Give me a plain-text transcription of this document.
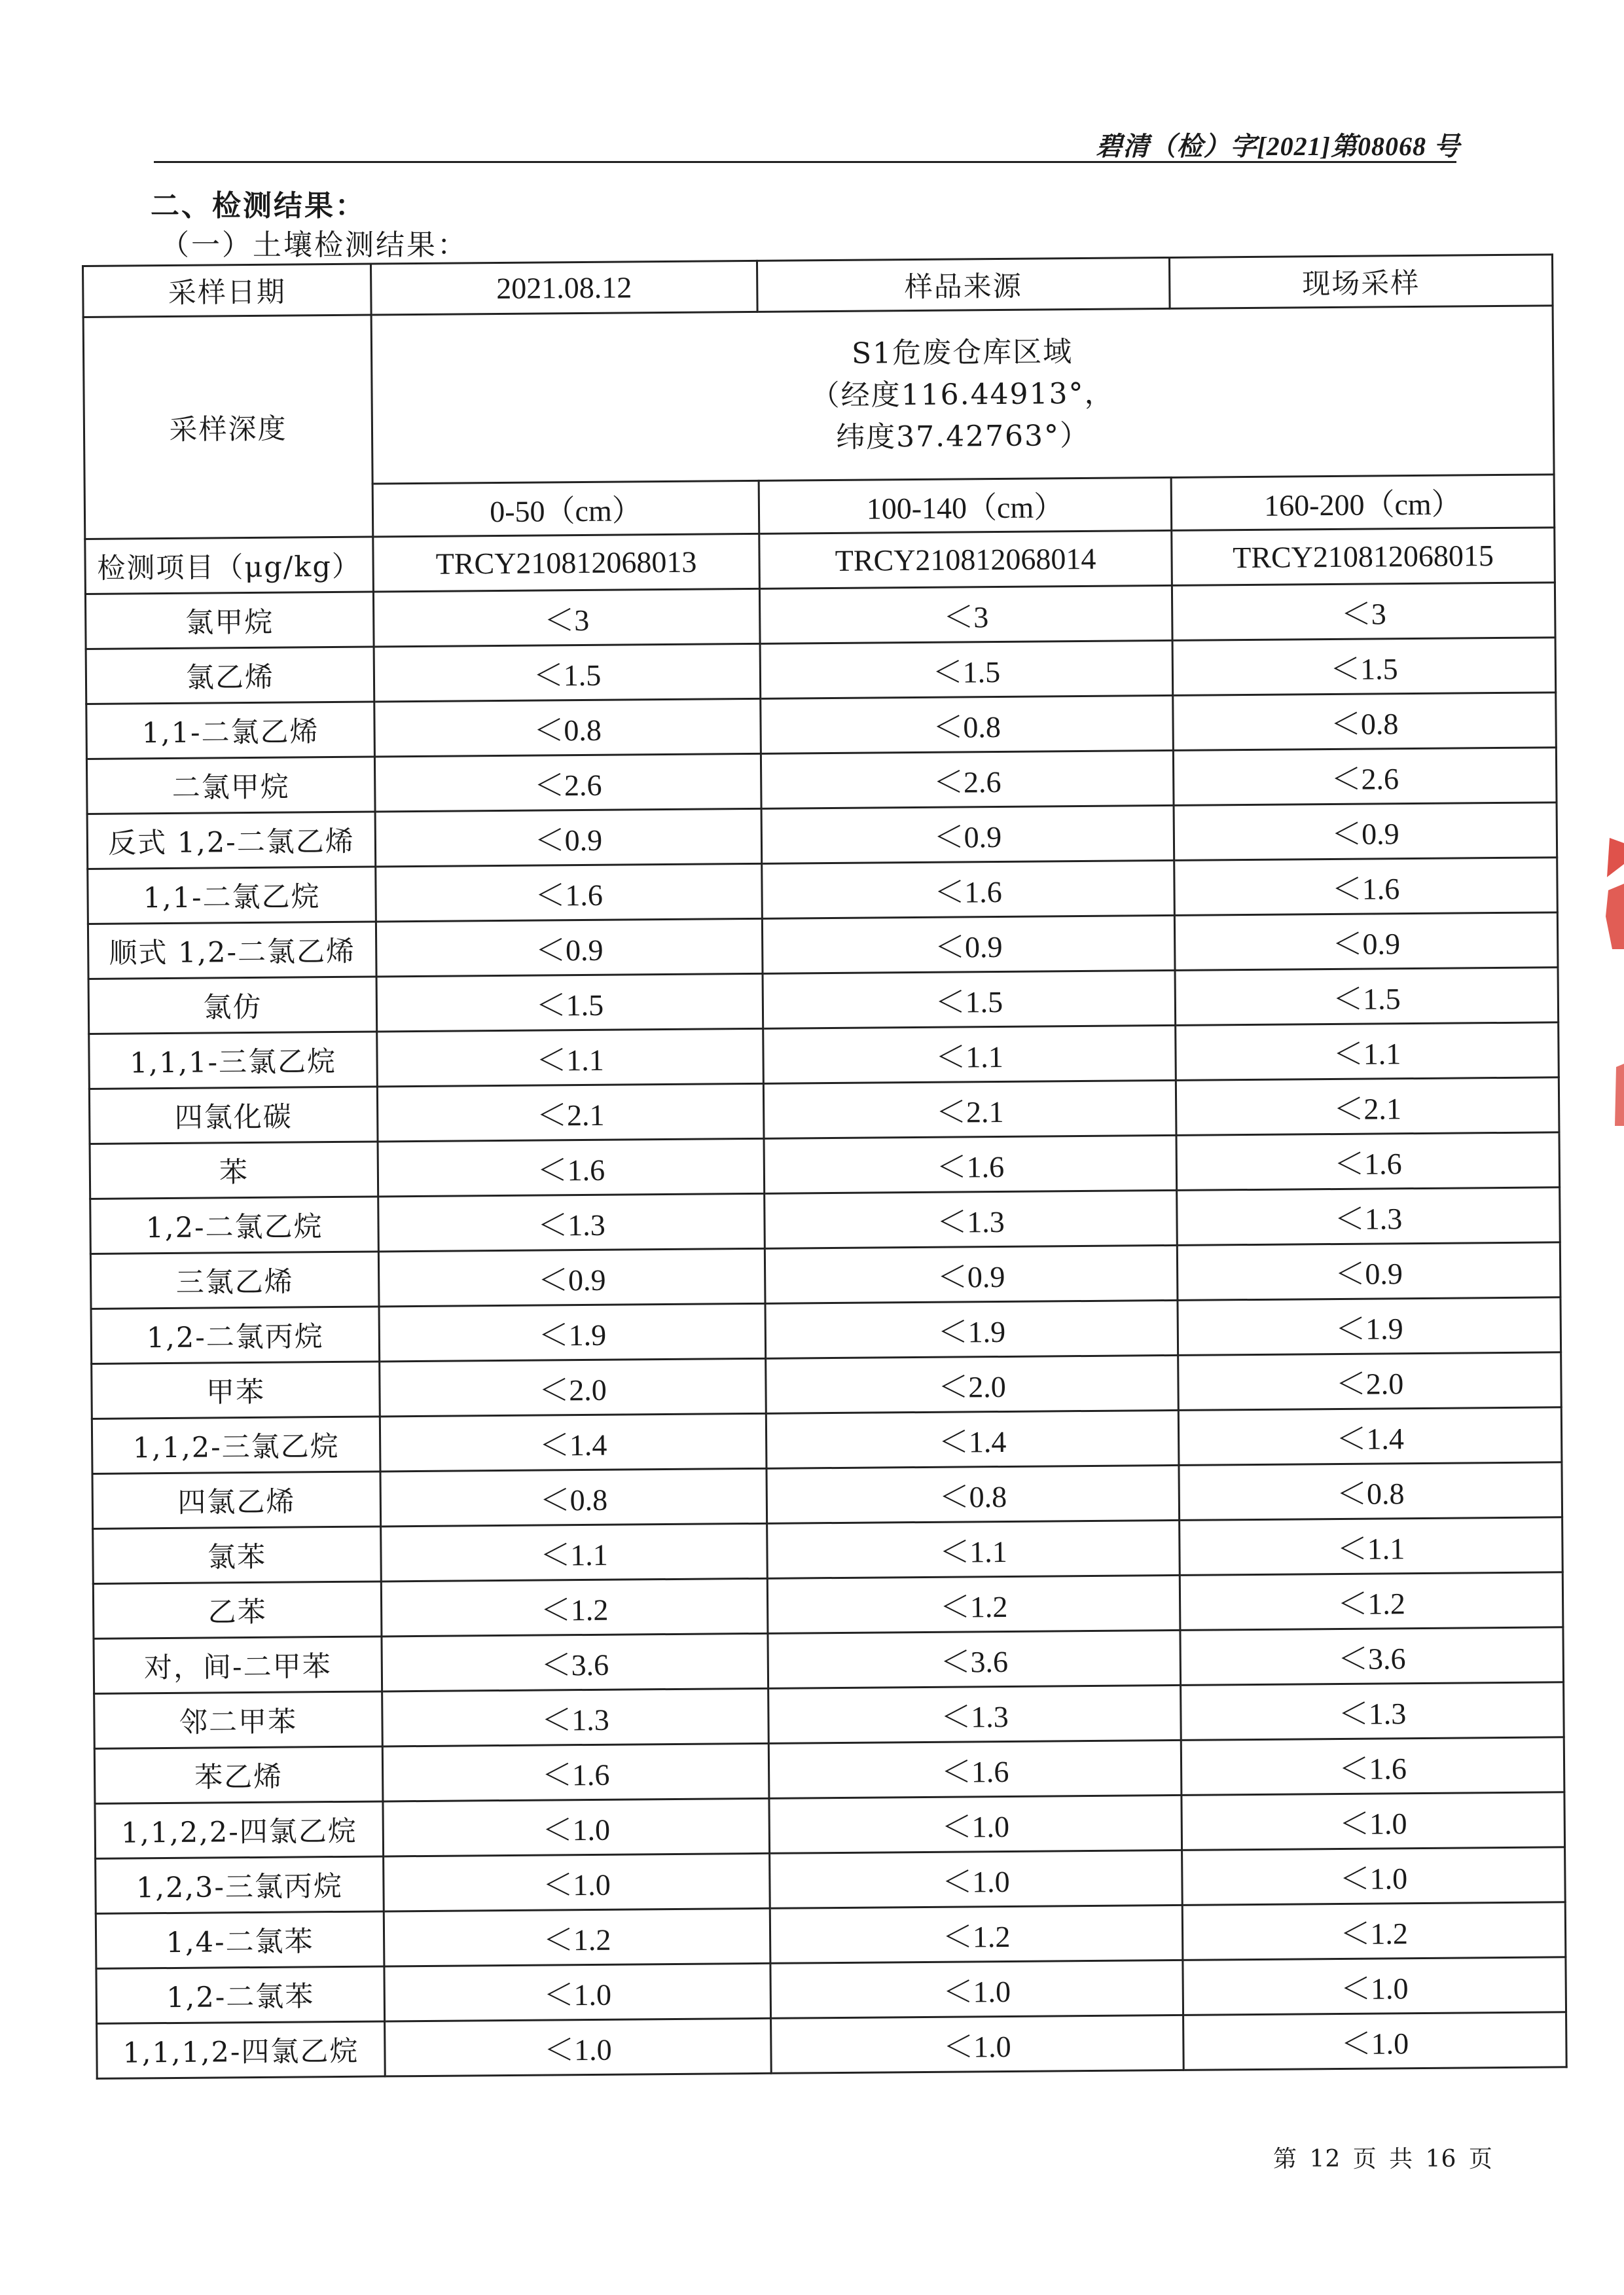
碧清（检）字[2021]第08068 号
二、检测结果：
（一）土壤检测结果：
采样日期	2021.08.12	样品来源	现场采样
采样深度	S1危废仓库区域
（经度116.44913°，
纬度37.42763°）		

	0-50（cm）	100-140（cm）	160-200（cm）
检测项目（μg/kg）	TRCY210812068013	TRCY210812068014	TRCY210812068015
氯甲烷	＜3	＜3	＜3
氯乙烯	＜1.5	＜1.5	＜1.5
1,1-二氯乙烯	＜0.8	＜0.8	＜0.8
二氯甲烷	＜2.6	＜2.6	＜2.6
反式 1,2-二氯乙烯	＜0.9	＜0.9	＜0.9
1,1-二氯乙烷	＜1.6	＜1.6	＜1.6
顺式 1,2-二氯乙烯	＜0.9	＜0.9	＜0.9
氯仿	＜1.5	＜1.5	＜1.5
1,1,1-三氯乙烷	＜1.1	＜1.1	＜1.1
四氯化碳	＜2.1	＜2.1	＜2.1
苯	＜1.6	＜1.6	＜1.6
1,2-二氯乙烷	＜1.3	＜1.3	＜1.3
三氯乙烯	＜0.9	＜0.9	＜0.9
1,2-二氯丙烷	＜1.9	＜1.9	＜1.9
甲苯	＜2.0	＜2.0	＜2.0
1,1,2-三氯乙烷	＜1.4	＜1.4	＜1.4
四氯乙烯	＜0.8	＜0.8	＜0.8
氯苯	＜1.1	＜1.1	＜1.1
乙苯	＜1.2	＜1.2	＜1.2
对，间-二甲苯	＜3.6	＜3.6	＜3.6
邻二甲苯	＜1.3	＜1.3	＜1.3
苯乙烯	＜1.6	＜1.6	＜1.6
1,1,2,2-四氯乙烷	＜1.0	＜1.0	＜1.0
1,2,3-三氯丙烷	＜1.0	＜1.0	＜1.0
1,4-二氯苯	＜1.2	＜1.2	＜1.2
1,2-二氯苯	＜1.0	＜1.0	＜1.0
1,1,1,2-四氯乙烷	＜1.0	＜1.0	＜1.0
第 12 页 共 16 页
